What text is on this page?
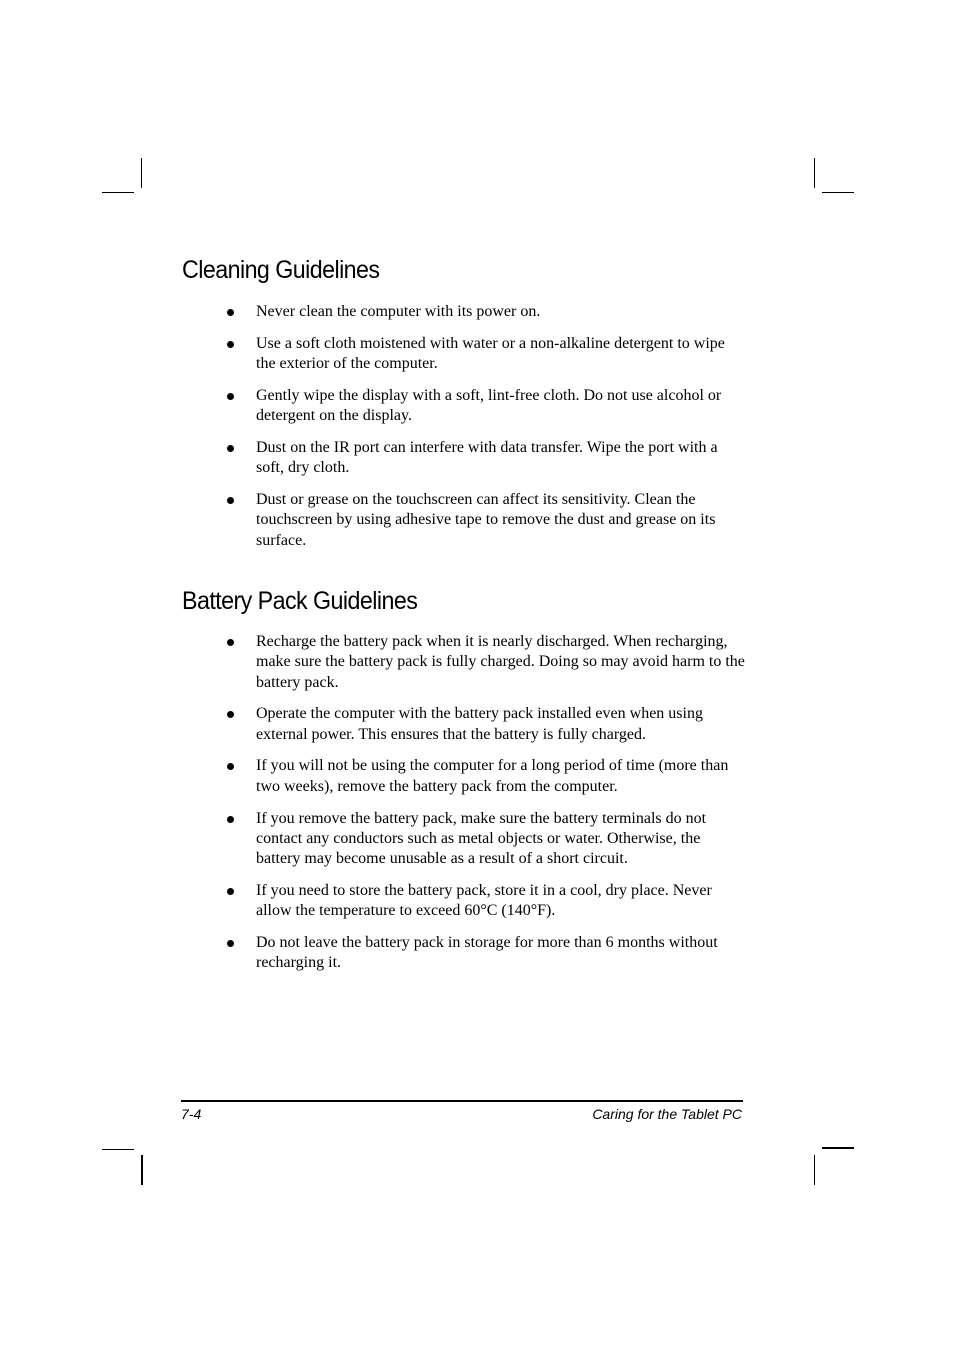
Cleaning Guidelines
Never clean the computer with its power on.
Use a soft cloth moistened with water or a non-alkaline detergent to wipe the exterior of the computer.
Gently wipe the display with a soft, lint-free cloth. Do not use alcohol or detergent on the display.
Dust on the IR port can interfere with data transfer. Wipe the port with a soft, dry cloth.
Dust or grease on the touchscreen can affect its sensitivity. Clean the touchscreen by using adhesive tape to remove the dust and grease on its surface.
Battery Pack Guidelines
Recharge the battery pack when it is nearly discharged. When recharging, make sure the battery pack is fully charged. Doing so may avoid harm to the battery pack.
Operate the computer with the battery pack installed even when using external power. This ensures that the battery is fully charged.
If you will not be using the computer for a long period of time (more than two weeks), remove the battery pack from the computer.
If you remove the battery pack, make sure the battery terminals do not contact any conductors such as metal objects or water. Otherwise, the battery may become unusable as a result of a short circuit.
If you need to store the battery pack, store it in a cool, dry place. Never allow the temperature to exceed 60°C (140°F).
Do not leave the battery pack in storage for more than 6 months without recharging it.
7-4	Caring for the Tablet PC
